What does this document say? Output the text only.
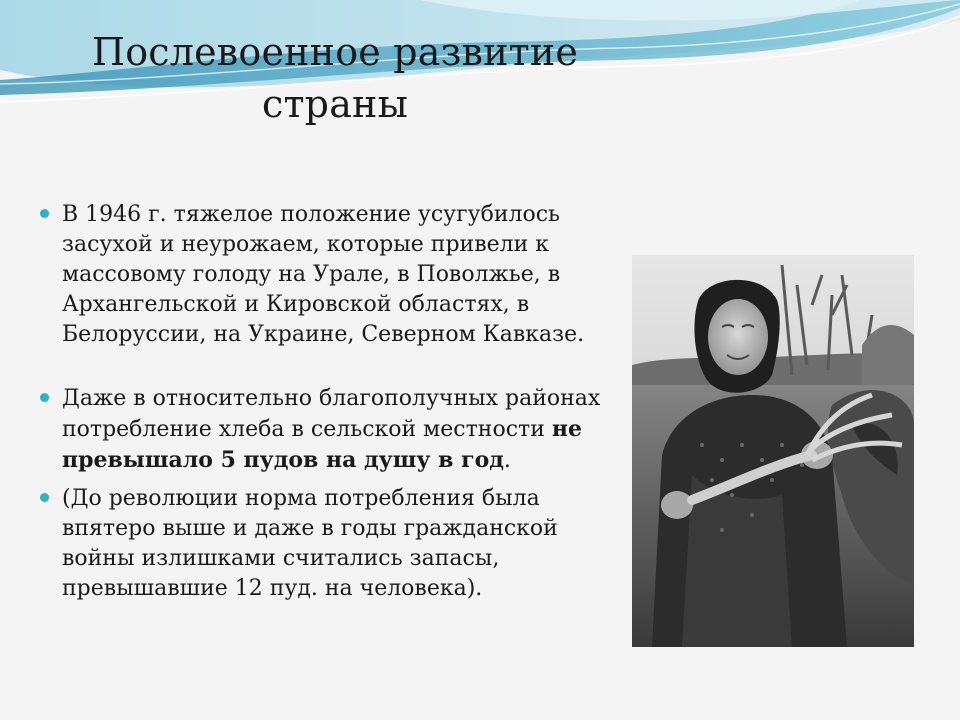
Послевоенное развитие
страны
В 1946 г. тяжелое положение усугубилось засухой и неурожаем, которые привели к массовому голоду на Урале, в Поволжье, в Архангельской и Кировской областях, в Белоруссии, на Украине, Северном Кавказе.
Даже в относительно благополучных районах потребление хлеба в сельской местности не превышало 5 пудов на душу в год.
(До революции норма потребления была впятеро выше и даже в годы гражданской войны излишками считались запасы, превышавшие 12 пуд. на человека).
